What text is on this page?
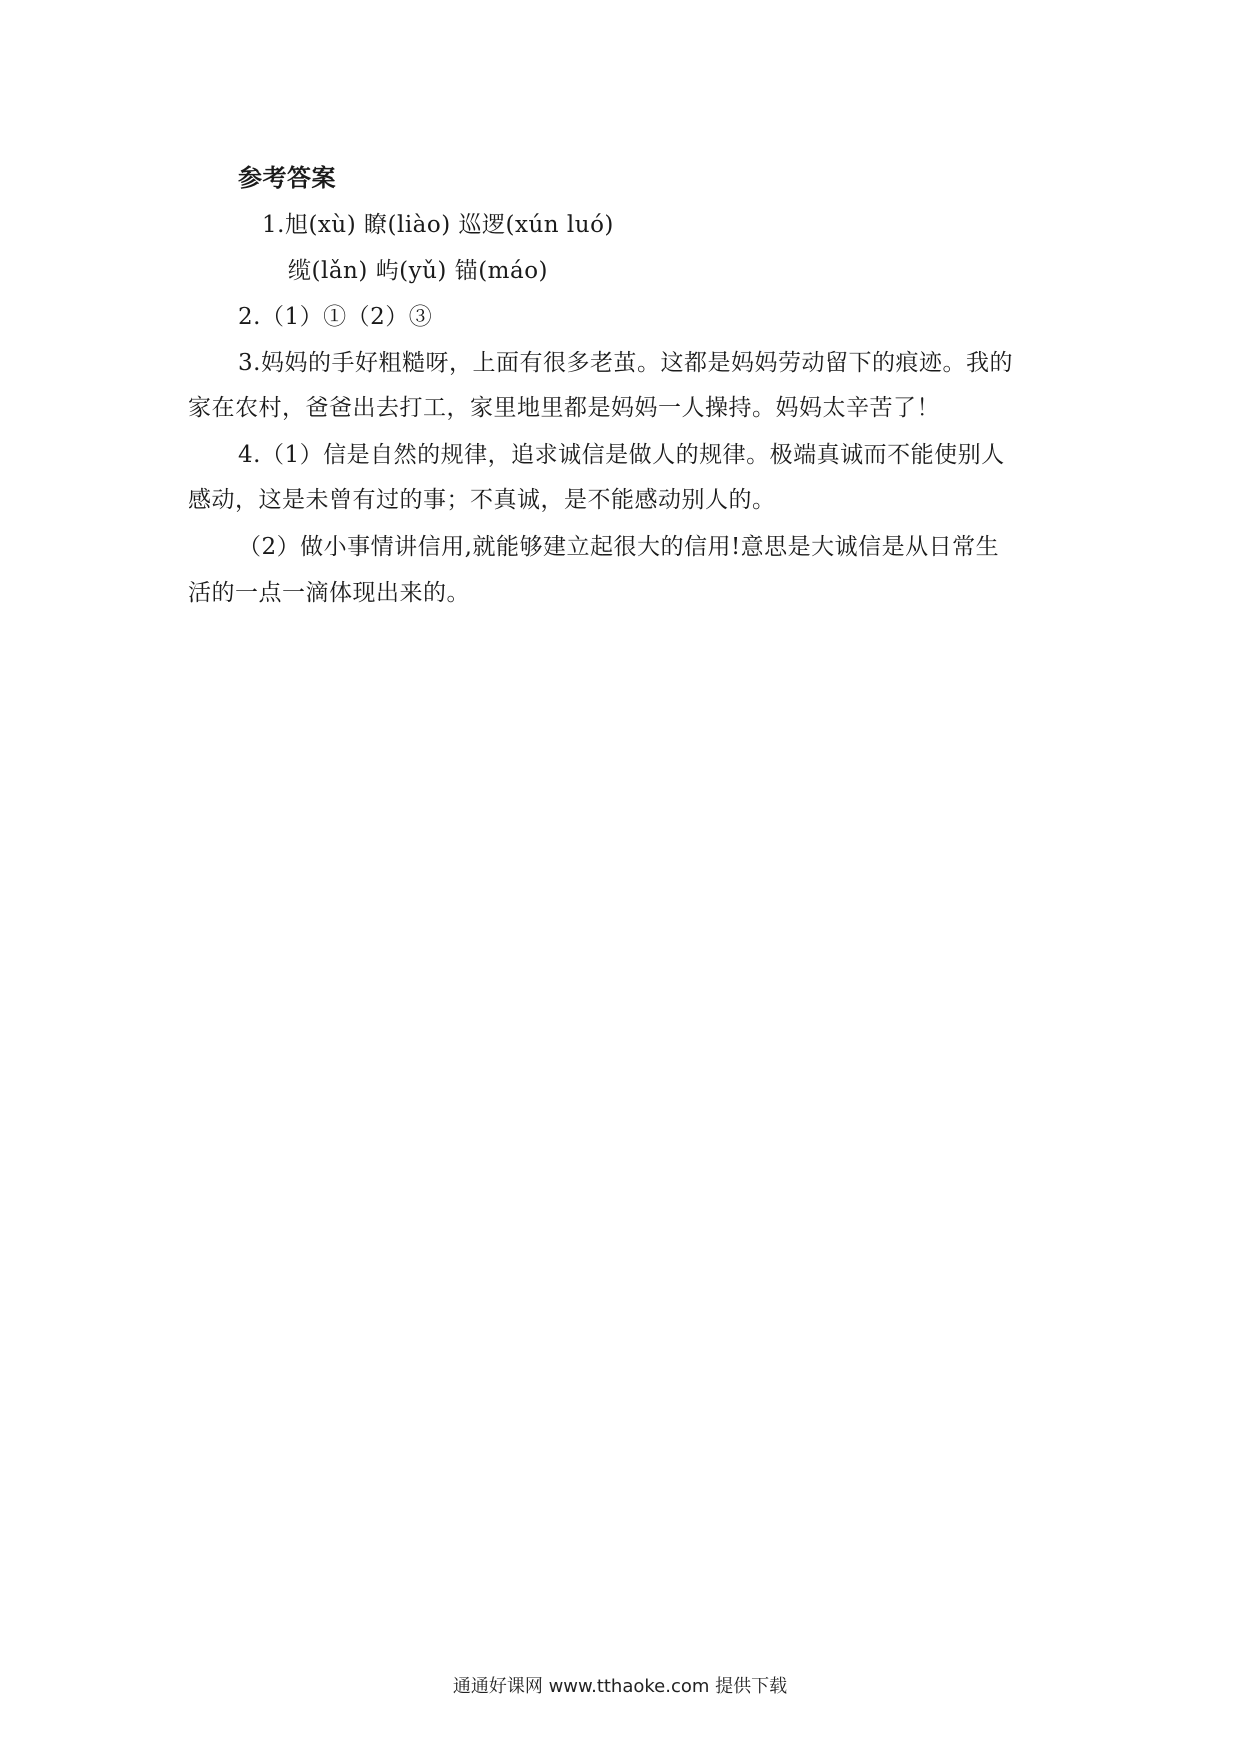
参考答案
1.旭(xù) 瞭(liào) 巡逻(xún luó)
缆(lǎn) 屿(yǔ) 锚(máo)
2.（1）①（2）③
3.妈妈的手好粗糙呀，上面有很多老茧。这都是妈妈劳动留下的痕迹。我的
家在农村，爸爸出去打工，家里地里都是妈妈一人操持。妈妈太辛苦了！
4.（1）信是自然的规律，追求诚信是做人的规律。极端真诚而不能使别人
感动，这是未曾有过的事；不真诚，是不能感动别人的。
（2）做小事情讲信用,就能够建立起很大的信用!意思是大诚信是从日常生
活的一点一滴体现出来的。
通通好课网 www.tthaoke.com 提供下载
